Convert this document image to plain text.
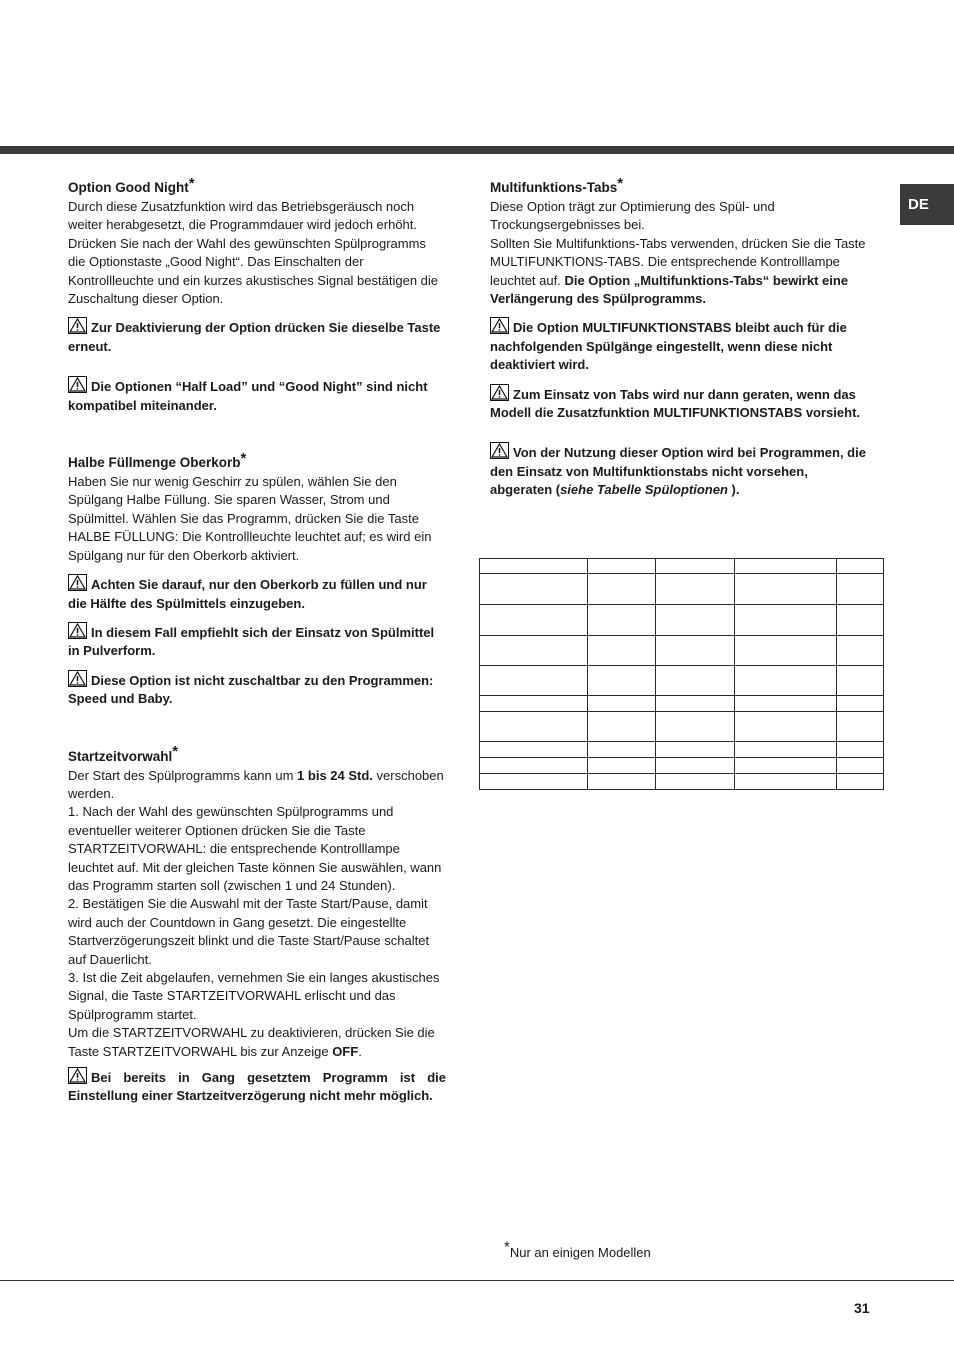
DE
Option Good Night*

Durch diese Zusatzfunktion wird das Betriebsgeräusch noch weiter herabgesetzt, die Programmdauer wird jedoch erhöht. Drücken Sie nach der Wahl des gewünschten Spülprogramms die Optionstaste „Good Night“. Das Einschalten der Kontrollleuchte und ein kurzes akustisches Signal bestätigen die Zuschaltung dieser Option.

Zur Deaktivierung der Option drücken Sie dieselbe Taste erneut.

Die Optionen “Half Load” und “Good Night” sind nicht kompatibel miteinander.

Halbe Füllmenge Oberkorb*

Haben Sie nur wenig Geschirr zu spülen, wählen Sie den Spülgang Halbe Füllung. Sie sparen Wasser, Strom und Spülmittel. Wählen Sie das Programm, drücken Sie die Taste HALBE FÜLLUNG: Die Kontrollleuchte leuchtet auf; es wird ein Spülgang nur für den Oberkorb aktiviert.

Achten Sie darauf, nur den Oberkorb zu füllen und nur die Hälfte des Spülmittels einzugeben.

In diesem Fall empfiehlt sich der Einsatz von Spülmittel in Pulverform.

Diese Option ist nicht zuschaltbar zu den Programmen: Speed und Baby.

Startzeitvorwahl*

Der Start des Spülprogramms kann um 1 bis 24 Std. verschoben werden.

1. Nach der Wahl des gewünschten Spülprogramms und eventueller weiterer Optionen drücken Sie die Taste STARTZEITVORWAHL: die entsprechende Kontrolllampe leuchtet auf. Mit der gleichen Taste können Sie auswählen, wann das Programm starten soll (zwischen 1 und 24 Stunden).

2. Bestätigen Sie die Auswahl mit der Taste Start/Pause, damit wird auch der Countdown in Gang gesetzt. Die eingestellte Startverzögerungszeit blinkt und die Taste Start/Pause schaltet auf Dauerlicht.

3. Ist die Zeit abgelaufen, vernehmen Sie ein langes akustisches Signal, die Taste STARTZEITVORWAHL erlischt und das Spülprogramm startet.

Um die STARTZEITVORWAHL zu deaktivieren, drücken Sie die Taste STARTZEITVORWAHL bis zur Anzeige OFF.

Bei bereits in Gang gesetztem Programm ist die Einstellung einer Startzeitverzögerung nicht mehr möglich.

Multifunktions-Tabs*

Diese Option trägt zur Optimierung des Spül- und Trockungsergebnisses bei.

Sollten Sie Multifunktions-Tabs verwenden, drücken Sie die Taste MULTIFUNKTIONS-TABS. Die entsprechende Kontrolllampe leuchtet auf. Die Option „Multifunktions-Tabs“ bewirkt eine Verlängerung des Spülprogramms.

Die Option MULTIFUNKTIONSTABS bleibt auch für die nachfolgenden Spülgänge eingestellt, wenn diese nicht deaktiviert wird.

Zum Einsatz von Tabs wird nur dann geraten, wenn das Modell die Zusatzfunktion MULTIFUNKTIONSTABS vorsieht.

Von der Nutzung dieser Option wird bei Programmen, die den Einsatz von Multifunktionstabs nicht vorsehen, abgeraten (siehe Tabelle Spüloptionen ).

*Nur an einigen Modellen
31
